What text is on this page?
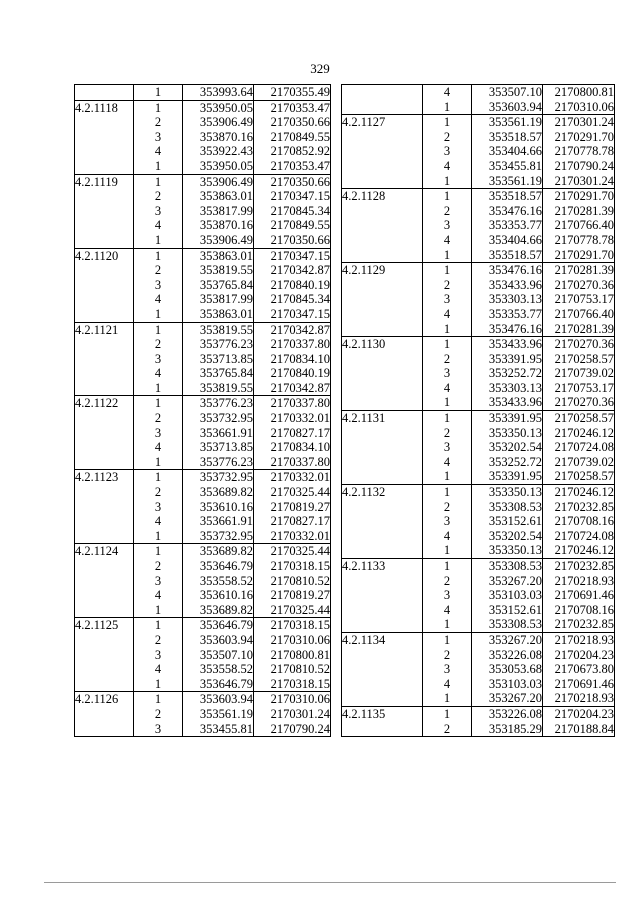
329
	1	353993.64	2170355.49
4.2.1118	1	353950.05	2170353.47
	2	353906.49	2170350.66
	3	353870.16	2170849.55
	4	353922.43	2170852.92
	1	353950.05	2170353.47
4.2.1119	1	353906.49	2170350.66
	2	353863.01	2170347.15
	3	353817.99	2170845.34
	4	353870.16	2170849.55
	1	353906.49	2170350.66
4.2.1120	1	353863.01	2170347.15
	2	353819.55	2170342.87
	3	353765.84	2170840.19
	4	353817.99	2170845.34
	1	353863.01	2170347.15
4.2.1121	1	353819.55	2170342.87
	2	353776.23	2170337.80
	3	353713.85	2170834.10
	4	353765.84	2170840.19
	1	353819.55	2170342.87
4.2.1122	1	353776.23	2170337.80
	2	353732.95	2170332.01
	3	353661.91	2170827.17
	4	353713.85	2170834.10
	1	353776.23	2170337.80
4.2.1123	1	353732.95	2170332.01
	2	353689.82	2170325.44
	3	353610.16	2170819.27
	4	353661.91	2170827.17
	1	353732.95	2170332.01
4.2.1124	1	353689.82	2170325.44
	2	353646.79	2170318.15
	3	353558.52	2170810.52
	4	353610.16	2170819.27
	1	353689.82	2170325.44
4.2.1125	1	353646.79	2170318.15
	2	353603.94	2170310.06
	3	353507.10	2170800.81
	4	353558.52	2170810.52
	1	353646.79	2170318.15
4.2.1126	1	353603.94	2170310.06
	2	353561.19	2170301.24
	3	353455.81	2170790.24
	4	353507.10	2170800.81
	1	353603.94	2170310.06
4.2.1127	1	353561.19	2170301.24
	2	353518.57	2170291.70
	3	353404.66	2170778.78
	4	353455.81	2170790.24
	1	353561.19	2170301.24
4.2.1128	1	353518.57	2170291.70
	2	353476.16	2170281.39
	3	353353.77	2170766.40
	4	353404.66	2170778.78
	1	353518.57	2170291.70
4.2.1129	1	353476.16	2170281.39
	2	353433.96	2170270.36
	3	353303.13	2170753.17
	4	353353.77	2170766.40
	1	353476.16	2170281.39
4.2.1130	1	353433.96	2170270.36
	2	353391.95	2170258.57
	3	353252.72	2170739.02
	4	353303.13	2170753.17
	1	353433.96	2170270.36
4.2.1131	1	353391.95	2170258.57
	2	353350.13	2170246.12
	3	353202.54	2170724.08
	4	353252.72	2170739.02
	1	353391.95	2170258.57
4.2.1132	1	353350.13	2170246.12
	2	353308.53	2170232.85
	3	353152.61	2170708.16
	4	353202.54	2170724.08
	1	353350.13	2170246.12
4.2.1133	1	353308.53	2170232.85
	2	353267.20	2170218.93
	3	353103.03	2170691.46
	4	353152.61	2170708.16
	1	353308.53	2170232.85
4.2.1134	1	353267.20	2170218.93
	2	353226.08	2170204.23
	3	353053.68	2170673.80
	4	353103.03	2170691.46
	1	353267.20	2170218.93
4.2.1135	1	353226.08	2170204.23
	2	353185.29	2170188.84
